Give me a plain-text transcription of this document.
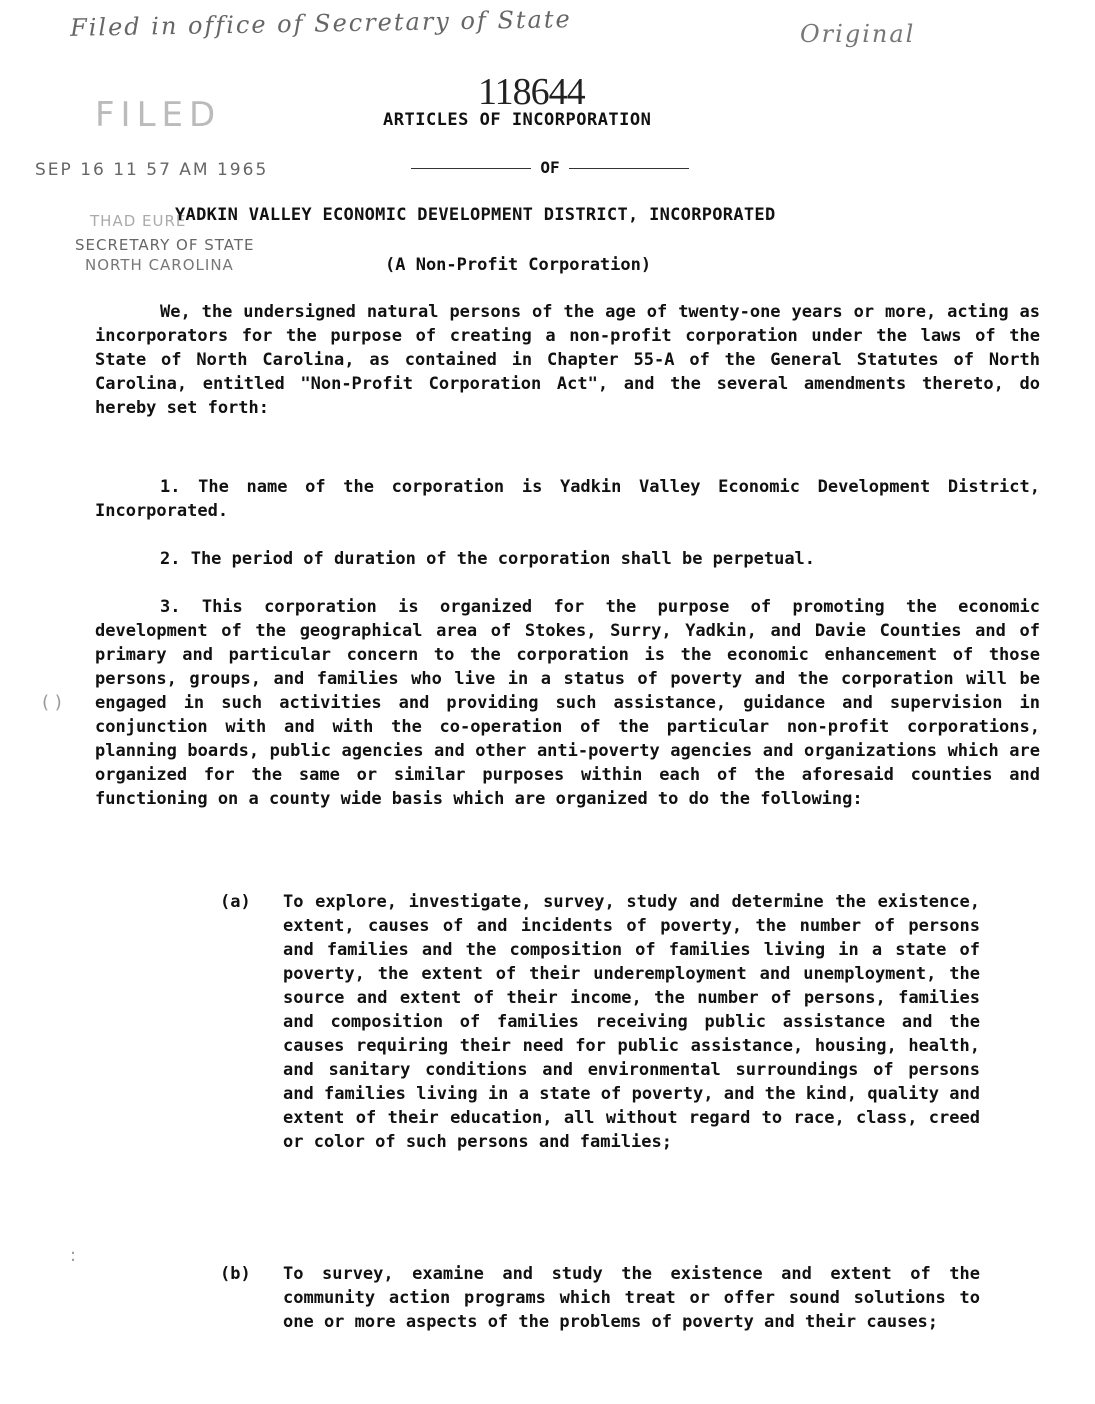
Filed in office of Secretary of State	Original
FILED
SEP 16 11 57 AM 1965
THAD EURE
SECRETARY OF STATE
NORTH CAROLINA
118644
ARTICLES OF INCORPORATION
OF
YADKIN VALLEY ECONOMIC DEVELOPMENT DISTRICT, INCORPORATED
(A Non-Profit Corporation)
We, the undersigned natural persons of the age of twenty-one years or more, acting as incorporators for the purpose of creating a non-profit corporation under the laws of the State of North Carolina, as contained in Chapter 55-A of the General Statutes of North Carolina, entitled "Non-Profit Corporation Act", and the several amendments thereto, do hereby set forth:
1. The name of the corporation is Yadkin Valley Economic Development District, Incorporated.
2. The period of duration of the corporation shall be perpetual.
3. This corporation is organized for the purpose of promoting the economic development of the geographical area of Stokes, Surry, Yadkin, and Davie Counties and of primary and particular concern to the corporation is the economic enhancement of those persons, groups, and families who live in a status of poverty and the corporation will be engaged in such activities and providing such assistance, guidance and supervision in conjunction with and with the co-operation of the particular non-profit corporations, planning boards, public agencies and other anti-poverty agencies and organizations which are organized for the same or similar purposes within each of the aforesaid counties and functioning on a county wide basis which are organized to do the following:
(a) To explore, investigate, survey, study and determine the existence, extent, causes of and incidents of poverty, the number of persons and families and the composition of families living in a state of poverty, the extent of their underemployment and unemployment, the source and extent of their income, the number of persons, families and composition of families receiving public assistance and the causes requiring their need for public assistance, housing, health, and sanitary conditions and environmental surroundings of persons and families living in a state of poverty, and the kind, quality and extent of their education, all without regard to race, class, creed or color of such persons and families;
(b) To survey, examine and study the existence and extent of the community action programs which treat or offer sound solutions to one or more aspects of the problems of poverty and their causes;
( )
:
